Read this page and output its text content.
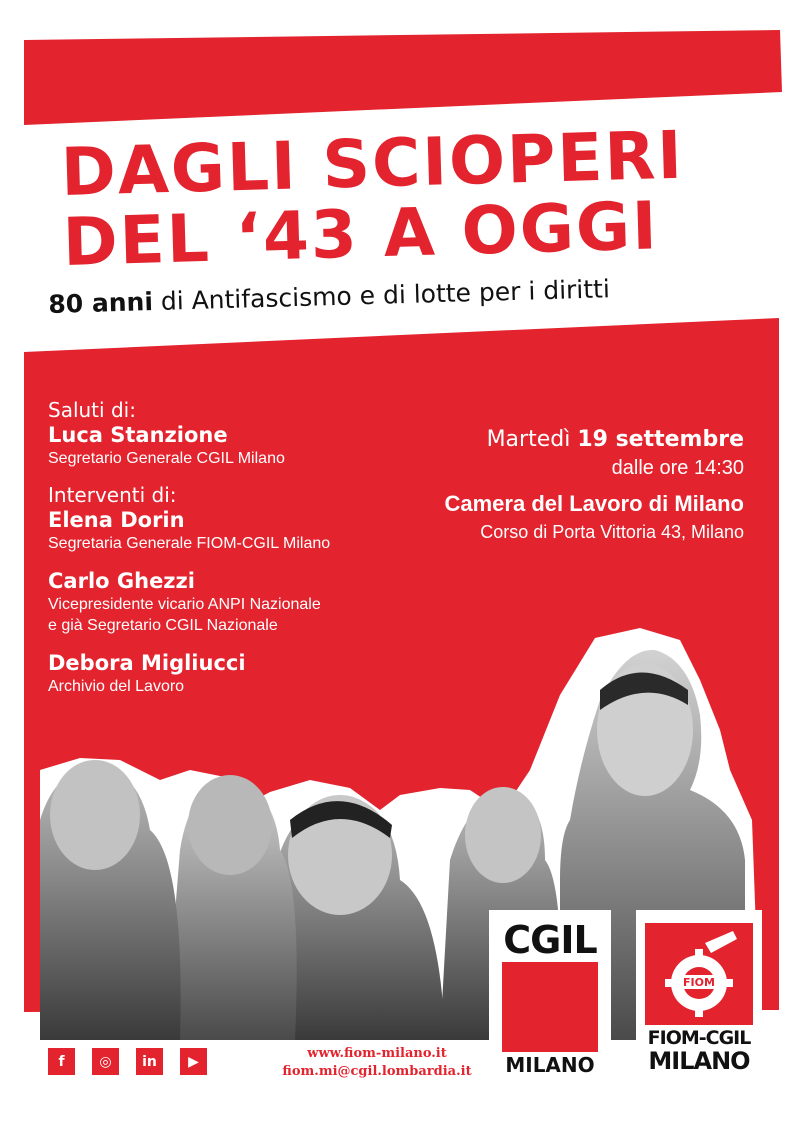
DAGLI SCIOPERI
DEL ‘43 A OGGI
80 anni di Antifascismo e di lotte per i diritti
Saluti di:
Luca Stanzione
Segretario Generale CGIL Milano
Interventi di:
Elena Dorin
Segretaria Generale FIOM-CGIL Milano
Carlo Ghezzi
Vicepresidente vicario ANPI Nazionale
e già Segretario CGIL Nazionale
Debora Migliucci
Archivio del Lavoro
Martedì 19 settembre
dalle ore 14:30
Camera del Lavoro di Milano
Corso di Porta Vittoria 43, Milano
f	◎	in	▶	www.fiom-milano.it
fiom.mi@cgil.lombardia.it
CGIL
MILANO
FIOM
FIOM-CGIL
MILANO
